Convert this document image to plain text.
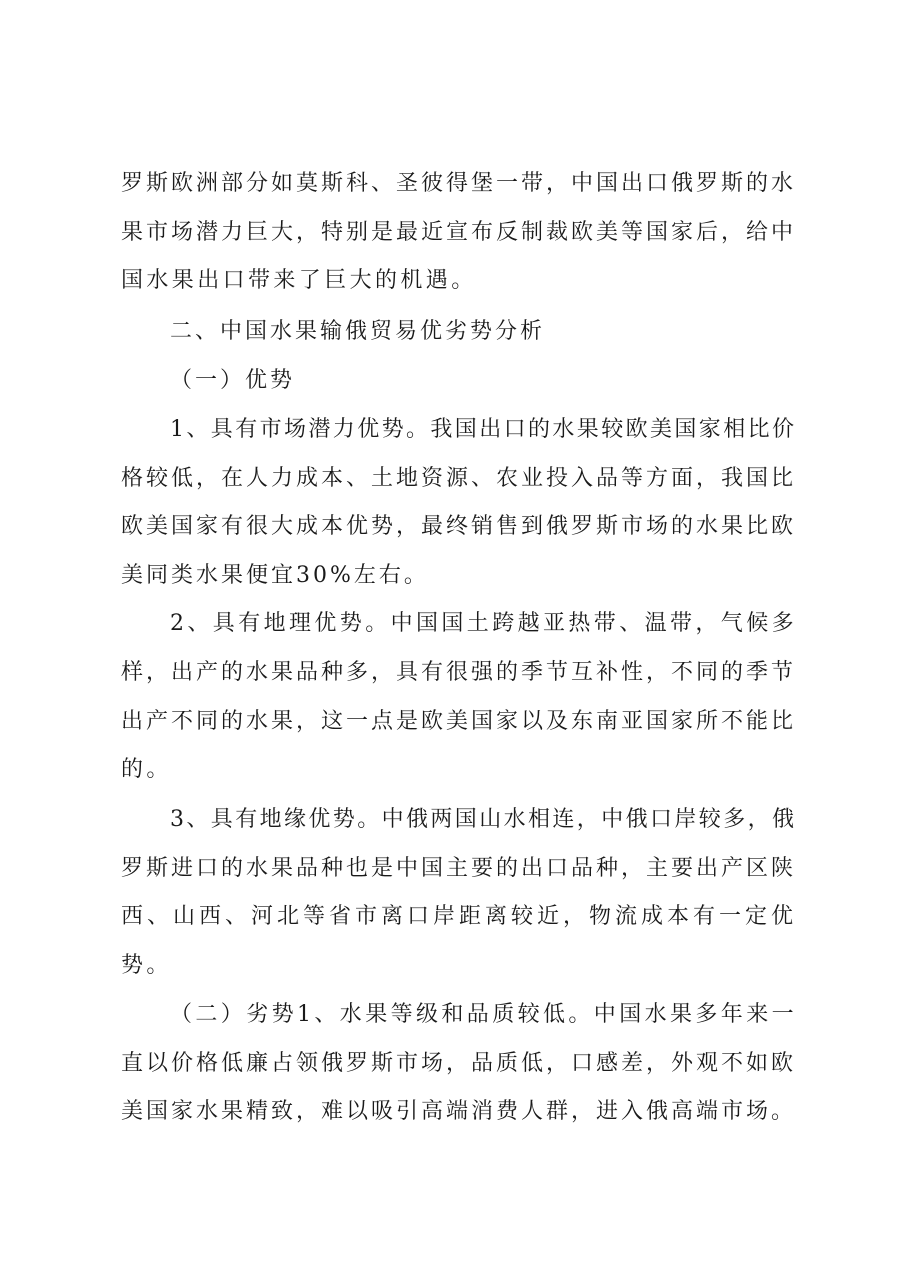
罗斯欧洲部分如莫斯科、圣彼得堡一带，中国出口俄罗斯的水
果市场潜力巨大，特别是最近宣布反制裁欧美等国家后，给中
国水果出口带来了巨大的机遇。
二、中国水果输俄贸易优劣势分析
（一）优势
1、具有市场潜力优势。我国出口的水果较欧美国家相比价
格较低，在人力成本、土地资源、农业投入品等方面，我国比
欧美国家有很大成本优势，最终销售到俄罗斯市场的水果比欧
美同类水果便宜30%左右。
2、具有地理优势。中国国土跨越亚热带、温带，气候多
样，出产的水果品种多，具有很强的季节互补性，不同的季节
出产不同的水果，这一点是欧美国家以及东南亚国家所不能比
的。
3、具有地缘优势。中俄两国山水相连，中俄口岸较多，俄
罗斯进口的水果品种也是中国主要的出口品种，主要出产区陕
西、山西、河北等省市离口岸距离较近，物流成本有一定优
势。
（二）劣势1、水果等级和品质较低。中国水果多年来一
直以价格低廉占领俄罗斯市场，品质低，口感差，外观不如欧
美国家水果精致，难以吸引高端消费人群，进入俄高端市场。
